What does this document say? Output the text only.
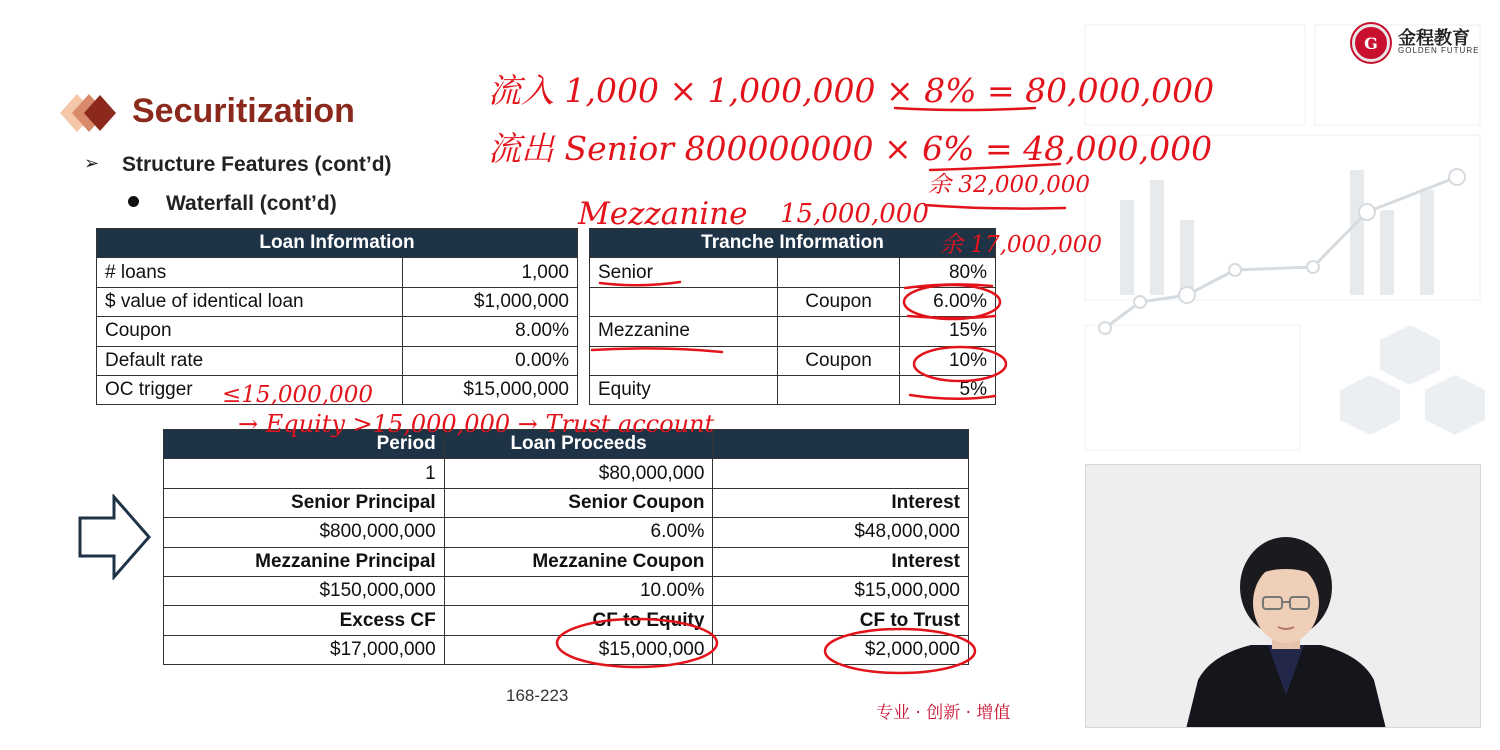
G	金程教育
GOLDEN FUTURE
Securitization
➢ Structure Features (cont’d)
Waterfall (cont’d)
Loan Information	
# loans	1,000
$ value of identical loan	$1,000,000
Coupon	8.00%
Default rate	0.00%
OC trigger	$15,000,000
Tranche Information		
Senior		80%
	Coupon	6.00%
Mezzanine		15%
	Coupon	10%
Equity		5%
Period	Loan Proceeds	
1	$80,000,000	
Senior Principal	Senior Coupon	Interest
$800,000,000	6.00%	$48,000,000
Mezzanine Principal	Mezzanine Coupon	Interest
$150,000,000	10.00%	$15,000,000
Excess CF	CF to Equity	CF to Trust
$17,000,000	$15,000,000	$2,000,000
168-223
专业 · 创新 · 增值
流入 1,000 × 1,000,000 × 8% = 80,000,000
流出 Senior 800000000 × 6% = 48,000,000
余 32,000,000
Mezzanine 15,000,000
余 17,000,000
≤15,000,000
→ Equity >15,000,000 → Trust account
